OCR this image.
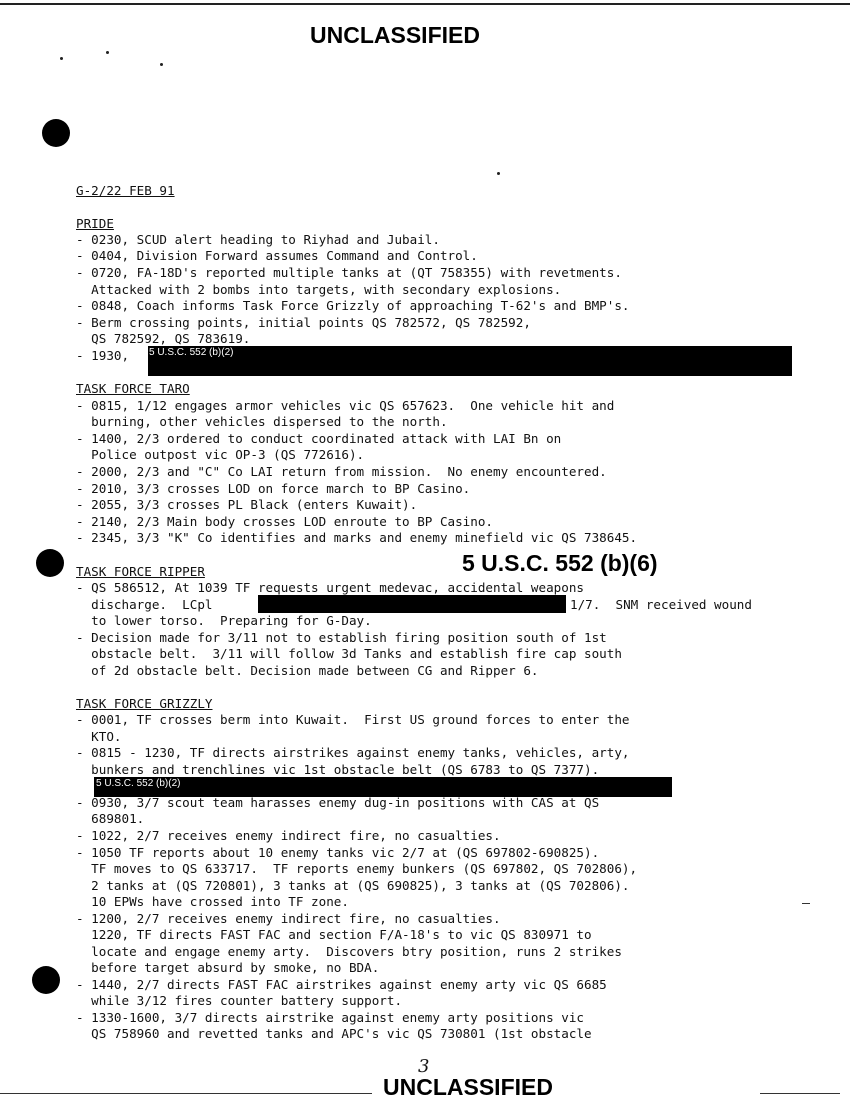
UNCLASSIFIED
G-2/22 FEB 91
PRIDE
- 0230, SCUD alert heading to Riyhad and Jubail.
- 0404, Division Forward assumes Command and Control.
- 0720, FA-18D's reported multiple tanks at (QT 758355) with revetments.
Attacked with 2 bombs into targets, with secondary explosions.
- 0848, Coach informs Task Force Grizzly of approaching T-62's and BMP's.
- Berm crossing points, initial points QS 782572, QS 782592,
QS 782592, QS 783619.
- 1930, 5 U.S.C. 552 (b)(2)
TASK FORCE TARO
- 0815, 1/12 engages armor vehicles vic QS 657623.  One vehicle hit and
burning, other vehicles dispersed to the north.
- 1400, 2/3 ordered to conduct coordinated attack with LAI Bn on
Police outpost vic OP-3 (QS 772616).
- 2000, 2/3 and "C" Co LAI return from mission.  No enemy encountered.
- 2010, 3/3 crosses LOD on force march to BP Casino.
- 2055, 3/3 crosses PL Black (enters Kuwait).
- 2140, 2/3 Main body crosses LOD enroute to BP Casino.
- 2345, 3/3 "K" Co identifies and marks and enemy minefield vic QS 738645.
TASK FORCE RIPPER	5 U.S.C. 552 (b)(6)
- QS 586512, At 1039 TF requests urgent medevac, accidental weapons
discharge.  LCpl	1/7.  SNM received wound
to lower torso.  Preparing for G-Day.
- Decision made for 3/11 not to establish firing position south of 1st
obstacle belt.  3/11 will follow 3d Tanks and establish fire cap south
of 2d obstacle belt. Decision made between CG and Ripper 6.
TASK FORCE GRIZZLY
- 0001, TF crosses berm into Kuwait.  First US ground forces to enter the
KTO.
- 0815 - 1230, TF directs airstrikes against enemy tanks, vehicles, arty,
bunkers and trenchlines vic 1st obstacle belt (QS 6783 to QS 7377).
5 U.S.C. 552 (b)(2)
- 0930, 3/7 scout team harasses enemy dug-in positions with CAS at QS
689801.
- 1022, 2/7 receives enemy indirect fire, no casualties.
- 1050 TF reports about 10 enemy tanks vic 2/7 at (QS 697802-690825).
TF moves to QS 633717.  TF reports enemy bunkers (QS 697802, QS 702806),
2 tanks at (QS 720801), 3 tanks at (QS 690825), 3 tanks at (QS 702806).
10 EPWs have crossed into TF zone.
- 1200, 2/7 receives enemy indirect fire, no casualties.
1220, TF directs FAST FAC and section F/A-18's to vic QS 830971 to
locate and engage enemy arty.  Discovers btry position, runs 2 strikes
before target absurd by smoke, no BDA.
- 1440, 2/7 directs FAST FAC airstrikes against enemy arty vic QS 6685
while 3/12 fires counter battery support.
- 1330-1600, 3/7 directs airstrike against enemy arty positions vic
QS 758960 and revetted tanks and APC's vic QS 730801 (1st obstacle
3
UNCLASSIFIED
